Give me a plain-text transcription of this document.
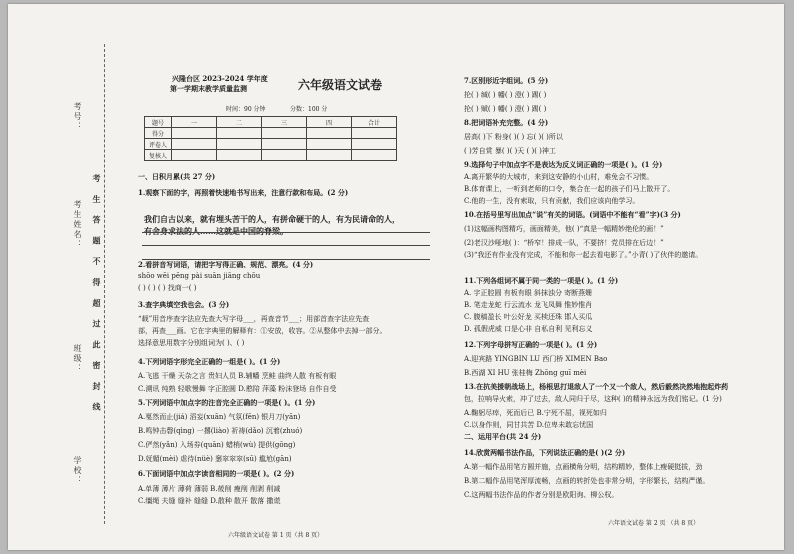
考号：
考生姓名：
班级：
学校：
考 生 答 题 不 得 超 过 此 密 封 线
兴隆台区 2023-2024 学年度
第一学期末教学质量监测	六年级语文试卷
时间：90 分钟	分数：100 分
题号	一	二	三	四	合计
得分					
评卷人					
复核人					
一、日积月累(共 27 分)
1.观察下面的字，再照着快速地书写出来，注意行款和布局。(2 分)
我们自古以来，就有埋头苦干的人，有拼命硬干的人，有为民请命的人，
有舍身求法的人……这就是中国的脊梁。
2.看拼音写词语，请把字写得正确、规范、漂亮。(4 分)
shōo wēi pēng pài suān jiāng chōu
( ) ( ) ( ) 找商一( )
3.查字典填空我也会。(3 分)
“载”用音序查字法应先查大写字母___，再查音节___；用部首查字法应先查
部，再查___画。它在字典里的解释有：①安放，收容。②从整体中去掉一部分。
选择意思用数字分别组词为( )、( )
4.下列词语字形完全正确的一组是( )。(1 分)
A.飞逃 干燥 天杂之言 贵妇人员 B.辅幡 烹鲑 曲终人散 有板有眼
C.溯讯 纯熟 轻歌慢舞 字正腔圆 D.憨陪 萍藻 粉沫登场 自作自受
5.下列词语中加点字的注音完全正确的一项是( )。(1 分)
A.戛然而止(jiá) 滔妄(xuān) 气氛(fēn) 银月刀(yān)
B.鸣钟击磬(qìng) 一撂(liào) 祈祷(dǎo) 沉着(zhuó)
C.俨然(yǎn) 入场券(quān) 蜡梢(wù) 提供(gōng)
D.妩媚(mèi) 虐待(nüè) 窸窣窣窣(sū) 尴尬(gān)
6.下面词语中加点字读音相同的一项是( )。(2 分)
A.单薄 薄片 薄荷 薄弱 B.莜削 瘦削 削剥 削减
C.缰绳 夫缝 缝补 缝缝 D.散种 散开 散落 撒谎
7.区别形近字组词。(5 分)
抡( ) 缄( ) 幡( ) 澄( ) 踢( )
抡( ) 赋( ) 幡( ) 澄( ) 踢( )
8.把词语补充完整。(4 分)
居高( )下 粉身( )( ) 忘( )( )所以
( )芳自赏 暴( )( )天 ( )( )神工
9.选择句子中加点字不是表达为反义词正确的一项是( )。(1 分)
A.离开繁华的大城市，来到这安静的小山村，难免会不习惯。
B.体育课上，一听到老师的口令，集合在一起的孩子们马上散开了。
C.他的一生，没有索取，只有贡献，我们应该向他学习。
10.在括号里写出加点“说”有关的词语。(词语中不能有“看”字)(3 分)
(1)这幅画构图精巧，画面精美，他( )“真是一幅精妙绝伦的画！”
(2)老汉沙哑地( )：“桥窄！排成一队，不要挤！党员排在后边！”
(3)“我还有作业没有完成，不能和你一起去看电影了。”小青( )了伙伴的邀请。
11.下列各组词不属于同一类的一项是( )。(1 分)
A. 字正腔圆 有板有眼 斜抹浊分 寄断燕姗
B. 笔走龙蛇 行云流水 龙飞凤舞 惟妙惟肖
C. 腹稿盈长 叶公好龙 买椟还珠 邯人买瓜
D. 孤假虎威 口是心非 自私自利 见利忘义
12.下列字母拼写正确的一项是( )。(1 分)
A.迎宾路 YINGBIN LU 西门桥 XIMEN Bao
B.西湖 XI HU 张桂梅 Zhōng guī mèi
13.在抗美援朝战场上，杨根思打退敌人了一个又一个敌人，然后毅然决然地抱起炸药
包，拉响导火索，冲了过去，敌人同归于尽，这种( )的精神永远为我们铭记。(1 分)
A.鞠躬尽瘁，死而后已 B.宁死不屈，视死如归
C.以身作则，同甘共苦 D.位卑未敢忘忧国
二、运用平台(共 24 分)
14.欣赏两幅书法作品，下列说法正确的是( )(2 分)
A.第一幅作品用笔方圆并施，点画横角分明，结构精妙，整体上瘦硬挺拔，劲
B.第二幅作品用笔浑厚流畅，点画的转折处也非常分明，字形繁长，结构严谨。
C.这两幅书法作品的作者分别是欧阳询、柳公权。
六年级语文试卷 第 1 页（共 8 页）
六年语文试卷 第 2 页 （共 8 页）
